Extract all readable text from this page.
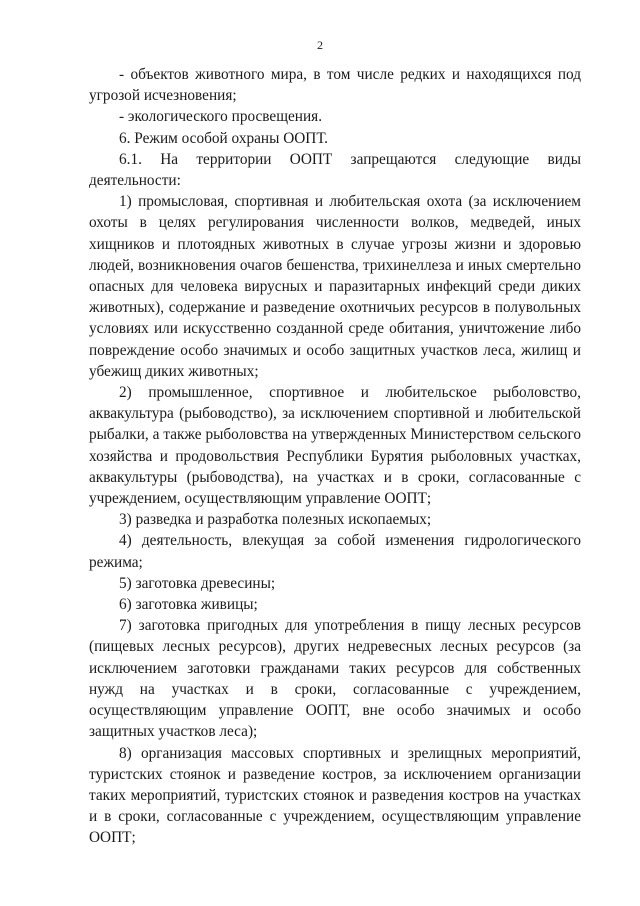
2

- объектов животного мира, в том числе редких и находящихся под угрозой исчезновения;

- экологического просвещения.

6. Режим особой охраны ООПТ.

6.1. На территории ООПТ запрещаются следующие виды деятельности:

1) промысловая, спортивная и любительская охота (за исключением охоты в целях регулирования численности волков, медведей, иных хищников и плотоядных животных в случае угрозы жизни и здоровью людей, возникновения очагов бешенства, трихинеллеза и иных смертельно опасных для человека вирусных и паразитарных инфекций среди диких животных), содержание и разведение охотничьих ресурсов в полувольных условиях или искусственно созданной среде обитания, уничтожение либо повреждение особо значимых и особо защитных участков леса, жилищ и убежищ диких животных;

2) промышленное, спортивное и любительское рыболовство, аквакультура (рыбоводство), за исключением спортивной и любительской рыбалки, а также рыболовства на утвержденных Министерством сельского хозяйства и продовольствия Республики Бурятия рыболовных участках, аквакультуры (рыбоводства), на участках и в сроки, согласованные с учреждением, осуществляющим управление ООПТ;

3) разведка и разработка полезных ископаемых;

4) деятельность, влекущая за собой изменения гидрологического режима;

5) заготовка древесины;

6) заготовка живицы;

7) заготовка пригодных для употребления в пищу лесных ресурсов (пищевых лесных ресурсов), других недревесных лесных ресурсов (за исключением заготовки гражданами таких ресурсов для собственных нужд на участках и в сроки, согласованные с учреждением, осуществляющим управление ООПТ, вне особо значимых и особо защитных участков леса);

8) организация массовых спортивных и зрелищных мероприятий, туристских стоянок и разведение костров, за исключением организации таких мероприятий, туристских стоянок и разведения костров на участках и в сроки, согласованные с учреждением, осуществляющим управление ООПТ;
